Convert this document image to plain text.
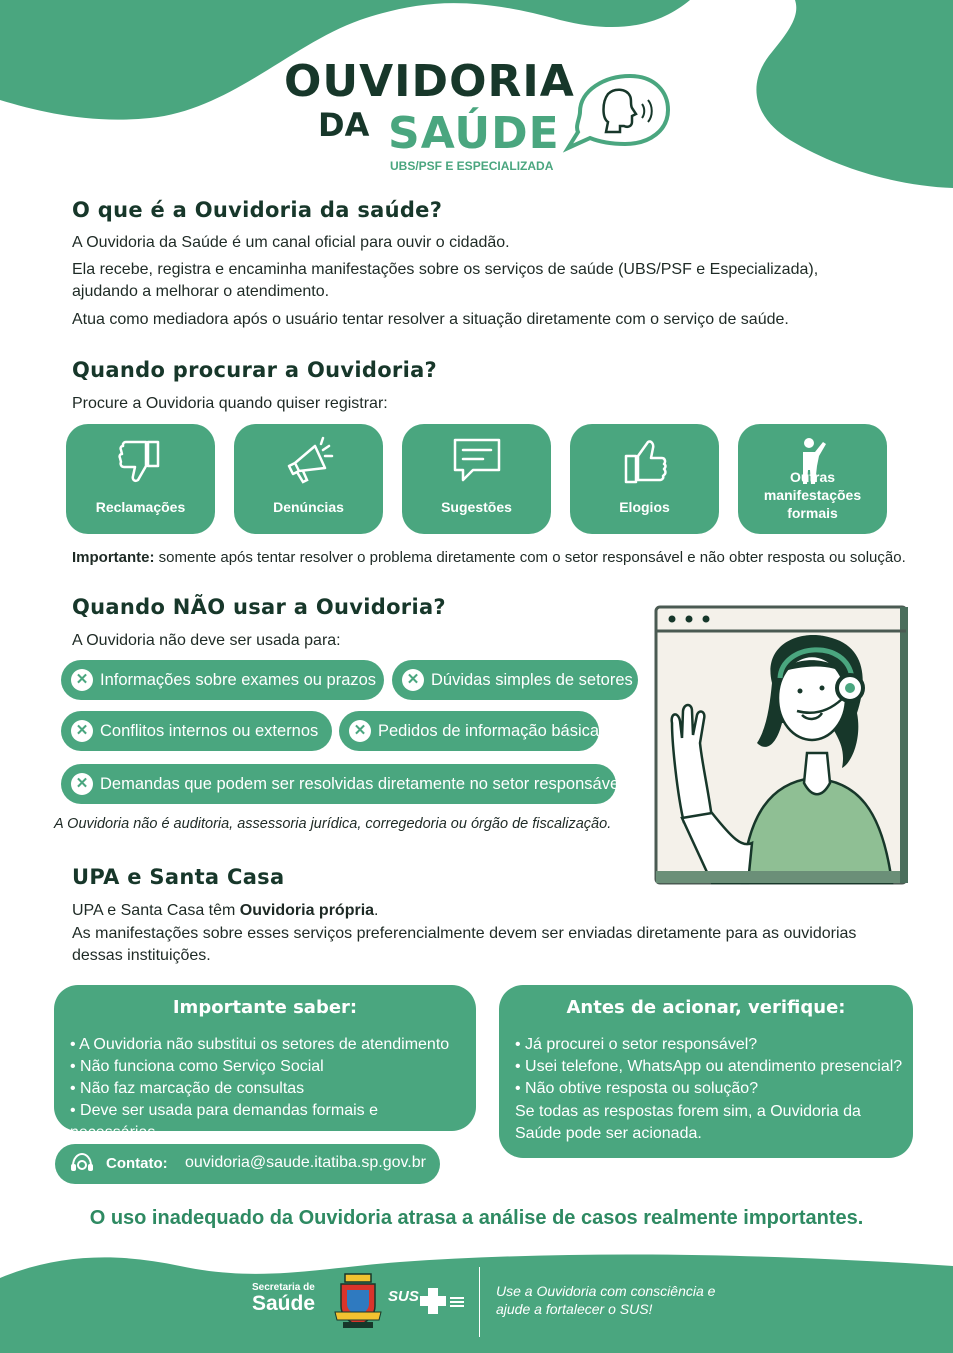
OUVIDORIA
DA SAÚDE
UBS/PSF E ESPECIALIZADA
O que é a Ouvidoria da saúde?
A Ouvidoria da Saúde é um canal oficial para ouvir o cidadão.
Ela recebe, registra e encaminha manifestações sobre os serviços de saúde (UBS/PSF e Especializada), ajudando a melhorar o atendimento.
Atua como mediadora após o usuário tentar resolver a situação diretamente com o serviço de saúde.
Quando procurar a Ouvidoria?
Procure a Ouvidoria quando quiser registrar:
Reclamações	Denúncias	Sugestões	Elogios
Outras manifestações formais
Importante: somente após tentar resolver o problema diretamente com o setor responsável e não obter resposta ou solução.
Quando NÃO usar a Ouvidoria?
A Ouvidoria não deve ser usada para:
✕ Informações sobre exames ou prazos	✕ Dúvidas simples de setores
✕ Conflitos internos ou externos	✕ Pedidos de informação básica
✕ Demandas que podem ser resolvidas diretamente no setor responsável
A Ouvidoria não é auditoria, assessoria jurídica, corregedoria ou órgão de fiscalização.
UPA e Santa Casa
UPA e Santa Casa têm Ouvidoria própria.
As manifestações sobre esses serviços preferencialmente devem ser enviadas diretamente para as ouvidorias dessas instituições.
Importante saber:
• A Ouvidoria não substitui os setores de atendimento
• Não funciona como Serviço Social
• Não faz marcação de consultas
• Deve ser usada para demandas formais e necessárias
Antes de acionar, verifique:
• Já procurei o setor responsável?
• Usei telefone, WhatsApp ou atendimento presencial?
• Não obtive resposta ou solução?
Se todas as respostas forem sim, a Ouvidoria da Saúde pode ser acionada.
Contato: ouvidoria@saude.itatiba.sp.gov.br
O uso inadequado da Ouvidoria atrasa a análise de casos realmente importantes.
Secretaria de
Saúde	SUS	Use a Ouvidoria com consciência e
ajude a fortalecer o SUS!
